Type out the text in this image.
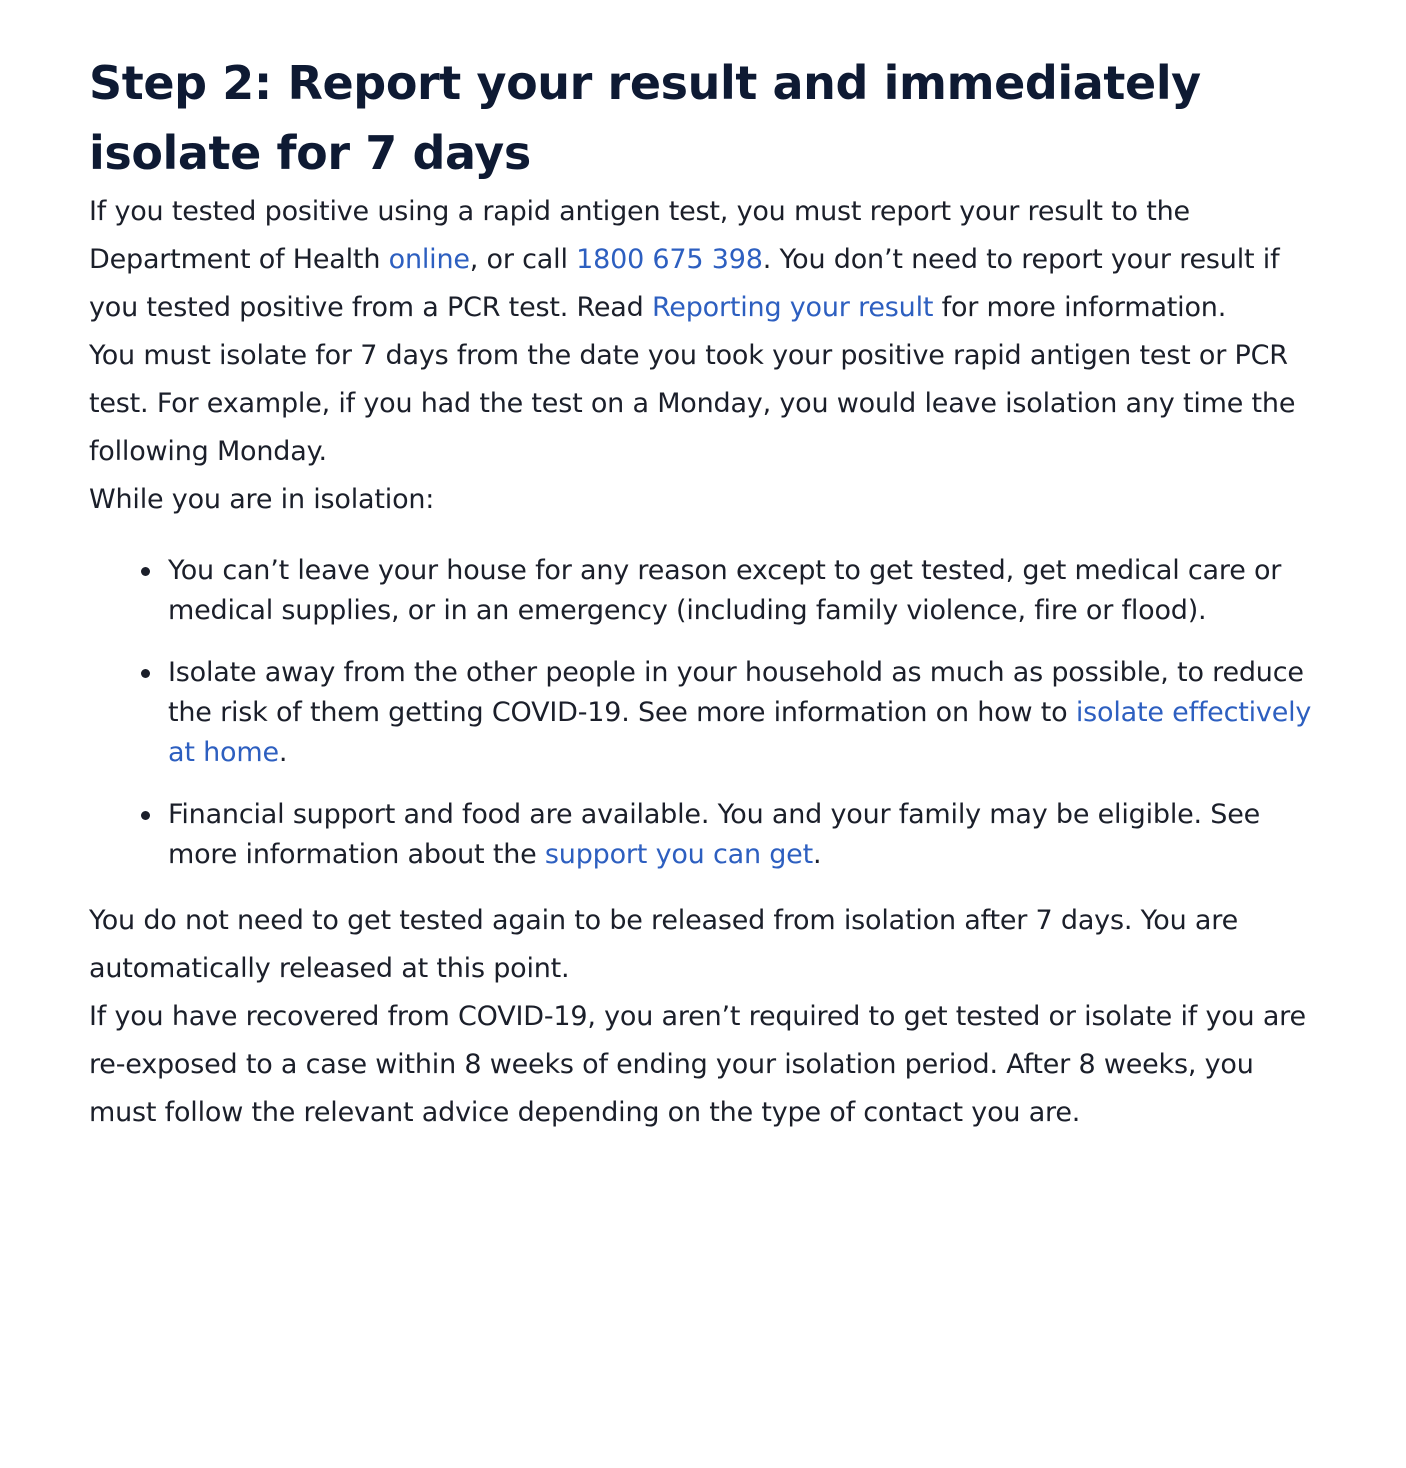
Step 2: Report your result and immediately isolate for 7 days

If you tested positive using a rapid antigen test, you must report your result to the Department of Health online, or call 1800 675 398. You don’t need to report your result if you tested positive from a PCR test. Read Reporting your result for more information.

You must isolate for 7 days from the date you took your positive rapid antigen test or PCR test. For example, if you had the test on a Monday, you would leave isolation any time the following Monday.

While you are in isolation:

You can’t leave your house for any reason except to get tested, get medical care or medical supplies, or in an emergency (including family violence, fire or flood).
Isolate away from the other people in your household as much as possible, to reduce the risk of them getting COVID-19. See more information on how to isolate effectively at home.
Financial support and food are available. You and your family may be eligible. See more information about the support you can get.

You do not need to get tested again to be released from isolation after 7 days. You are automatically released at this point.

If you have recovered from COVID-19, you aren’t required to get tested or isolate if you are re-exposed to a case within 8 weeks of ending your isolation period. After 8 weeks, you must follow the relevant advice depending on the type of contact you are.
